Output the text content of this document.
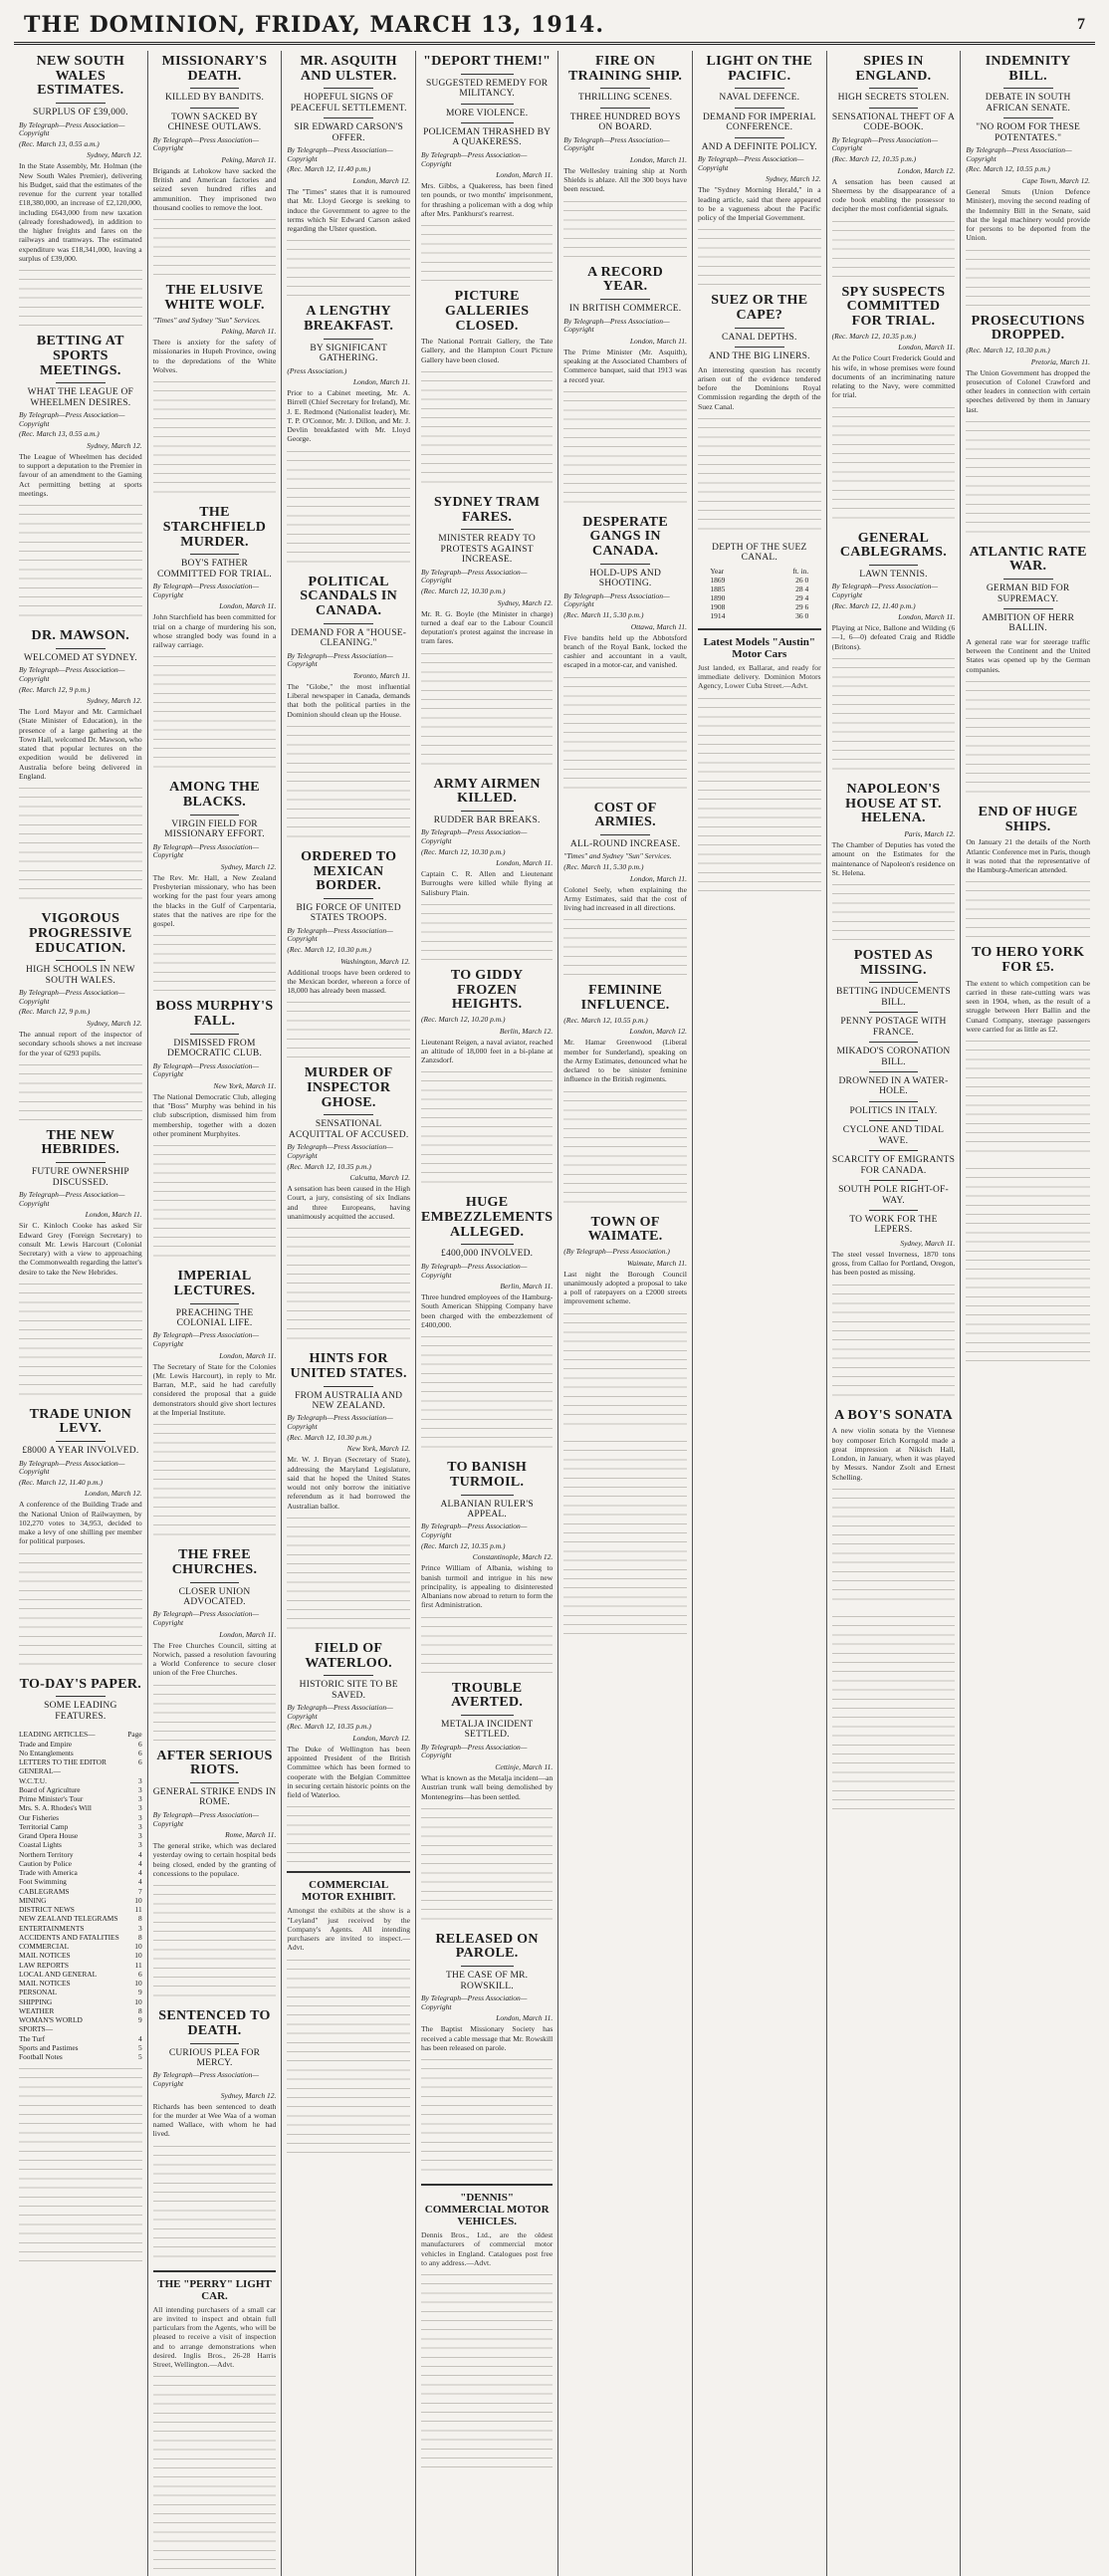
THE DOMINION, FRIDAY, MARCH 13, 1914.	7
NEW SOUTH WALES ESTIMATES.
SURPLUS OF £39,000.
By Telegraph—Press Association—Copyright
(Rec. March 13, 0.55 a.m.)
Sydney, March 12.
In the State Assembly, Mr. Holman (the New South Wales Premier), delivering his Budget, said that the estimates of the revenue for the current year totalled £18,380,000, an increase of £2,120,000, including £643,000 from new taxation (already foreshadowed), in addition to the higher freights and fares on the railways and tramways. The estimated expenditure was £18,341,000, leaving a surplus of £39,000.
BETTING AT SPORTS MEETINGS.
WHAT THE LEAGUE OF WHEELMEN DESIRES.
By Telegraph—Press Association—Copyright
(Rec. March 13, 0.55 a.m.)
Sydney, March 12.
The League of Wheelmen has decided to support a deputation to the Premier in favour of an amendment to the Gaming Act permitting betting at sports meetings.
DR. MAWSON.
WELCOMED AT SYDNEY.
By Telegraph—Press Association—Copyright
(Rec. March 12, 9 p.m.)
Sydney, March 12.
The Lord Mayor and Mr. Carmichael (State Minister of Education), in the presence of a large gathering at the Town Hall, welcomed Dr. Mawson, who stated that popular lectures on the expedition would be delivered in Australia before being delivered in England.
VIGOROUS PROGRESSIVE EDUCATION.
HIGH SCHOOLS IN NEW SOUTH WALES.
By Telegraph—Press Association—Copyright
(Rec. March 12, 9 p.m.)
Sydney, March 12.
The annual report of the inspector of secondary schools shows a net increase for the year of 6293 pupils.
THE NEW HEBRIDES.
FUTURE OWNERSHIP DISCUSSED.
By Telegraph—Press Association—Copyright
London, March 11.
Sir C. Kinloch Cooke has asked Sir Edward Grey (Foreign Secretary) to consult Mr. Lewis Harcourt (Colonial Secretary) with a view to approaching the Commonwealth regarding the latter's desire to take the New Hebrides.
TRADE UNION LEVY.
£8000 A YEAR INVOLVED.
By Telegraph—Press Association—Copyright
(Rec. March 12, 11.40 p.m.)
London, March 12.
A conference of the Building Trade and the National Union of Railwaymen, by 102,270 votes to 34,953, decided to make a levy of one shilling per member for political purposes.
TO-DAY'S PAPER.
SOME LEADING FEATURES.
LEADING ARTICLES—	Page
Trade and Empire	6
No Entanglements	6
LETTERS TO THE EDITOR	6
GENERAL—
W.C.T.U.	3
Board of Agriculture	3
Prime Minister's Tour	3
Mrs. S. A. Rhodes's Will	3
Our Fisheries	3
Territorial Camp	3
Grand Opera House	3
Coastal Lights	3
Northern Territory	4
Caution by Police	4
Trade with America	4
Foot Swimming	4
CABLEGRAMS	7
MINING	10
DISTRICT NEWS	11
NEW ZEALAND TELEGRAMS	8
ENTERTAINMENTS	3
ACCIDENTS AND FATALITIES	8
COMMERCIAL	10
MAIL NOTICES	10
LAW REPORTS	11
LOCAL AND GENERAL	6
MAIL NOTICES	10
PERSONAL	9
SHIPPING	10
WEATHER	8
WOMAN'S WORLD	9
SPORTS—
The Turf	4
Sports and Pastimes	5
Football Notes	5
MISSIONARY'S DEATH.
KILLED BY BANDITS.
TOWN SACKED BY CHINESE OUTLAWS.
By Telegraph—Press Association—Copyright
Peking, March 11.
Brigands at Lehokow have sacked the British and American factories and seized seven hundred rifles and ammunition. They imprisoned two thousand coolies to remove the loot.
THE ELUSIVE WHITE WOLF.
"Times" and Sydney "Sun" Services.
Peking, March 11.
There is anxiety for the safety of missionaries in Hupeh Province, owing to the depredations of the White Wolves.
THE STARCHFIELD MURDER.
BOY'S FATHER COMMITTED FOR TRIAL.
By Telegraph—Press Association—Copyright
London, March 11.
John Starchfield has been committed for trial on a charge of murdering his son, whose strangled body was found in a railway carriage.
AMONG THE BLACKS.
VIRGIN FIELD FOR MISSIONARY EFFORT.
By Telegraph—Press Association—Copyright
Sydney, March 12.
The Rev. Mr. Hall, a New Zealand Presbyterian missionary, who has been working for the past four years among the blacks in the Gulf of Carpentaria, states that the natives are ripe for the gospel.
BOSS MURPHY'S FALL.
DISMISSED FROM DEMOCRATIC CLUB.
By Telegraph—Press Association—Copyright
New York, March 11.
The National Democratic Club, alleging that "Boss" Murphy was behind in his club subscription, dismissed him from membership, together with a dozen other prominent Murphyites.
IMPERIAL LECTURES.
PREACHING THE COLONIAL LIFE.
By Telegraph—Press Association—Copyright
London, March 11.
The Secretary of State for the Colonies (Mr. Lewis Harcourt), in reply to Mr. Barran, M.P., said he had carefully considered the proposal that a guide demonstrators should give short lectures at the Imperial Institute.
THE FREE CHURCHES.
CLOSER UNION ADVOCATED.
By Telegraph—Press Association—Copyright
London, March 11.
The Free Churches Council, sitting at Norwich, passed a resolution favouring a World Conference to secure closer union of the Free Churches.
AFTER SERIOUS RIOTS.
GENERAL STRIKE ENDS IN ROME.
By Telegraph—Press Association—Copyright
Rome, March 11.
The general strike, which was declared yesterday owing to certain hospital beds being closed, ended by the granting of concessions to the populace.
SENTENCED TO DEATH.
CURIOUS PLEA FOR MERCY.
By Telegraph—Press Association—Copyright
Sydney, March 12.
Richards has been sentenced to death for the murder at Wee Waa of a woman named Wallace, with whom he had lived.
THE "PERRY" LIGHT CAR.
All intending purchasers of a small car are invited to inspect and obtain full particulars from the Agents, who will be pleased to receive a visit of inspection and to arrange demonstrations when desired. Inglis Bros., 26-28 Harris Street, Wellington.—Advt.
MR. ASQUITH AND ULSTER.
HOPEFUL SIGNS OF PEACEFUL SETTLEMENT.
SIR EDWARD CARSON'S OFFER.
By Telegraph—Press Association—Copyright
(Rec. March 12, 11.40 p.m.)
London, March 12.
The "Times" states that it is rumoured that Mr. Lloyd George is seeking to induce the Government to agree to the terms which Sir Edward Carson asked regarding the Ulster question.
A LENGTHY BREAKFAST.
BY SIGNIFICANT GATHERING.
(Press Association.)
London, March 11.
Prior to a Cabinet meeting, Mr. A. Birrell (Chief Secretary for Ireland), Mr. J. E. Redmond (Nationalist leader), Mr. T. P. O'Connor, Mr. J. Dillon, and Mr. J. Devlin breakfasted with Mr. Lloyd George.
POLITICAL SCANDALS IN CANADA.
DEMAND FOR A "HOUSE-CLEANING."
By Telegraph—Press Association—Copyright
Toronto, March 11.
The "Globe," the most influential Liberal newspaper in Canada, demands that both the political parties in the Dominion should clean up the House.
ORDERED TO MEXICAN BORDER.
BIG FORCE OF UNITED STATES TROOPS.
By Telegraph—Press Association—Copyright
(Rec. March 12, 10.30 p.m.)
Washington, March 12.
Additional troops have been ordered to the Mexican border, whereon a force of 18,000 has already been massed.
MURDER OF INSPECTOR GHOSE.
SENSATIONAL ACQUITTAL OF ACCUSED.
By Telegraph—Press Association—Copyright
(Rec. March 12, 10.35 p.m.)
Calcutta, March 12.
A sensation has been caused in the High Court, a jury, consisting of six Indians and three Europeans, having unanimously acquitted the accused.
HINTS FOR UNITED STATES.
FROM AUSTRALIA AND NEW ZEALAND.
By Telegraph—Press Association—Copyright
(Rec. March 12, 10.30 p.m.)
New York, March 12.
Mr. W. J. Bryan (Secretary of State), addressing the Maryland Legislature, said that he hoped the United States would not only borrow the initiative referendum as it had borrowed the Australian ballot.
FIELD OF WATERLOO.
HISTORIC SITE TO BE SAVED.
By Telegraph—Press Association—Copyright
(Rec. March 12, 10.35 p.m.)
London, March 12.
The Duke of Wellington has been appointed President of the British Committee which has been formed to cooperate with the Belgian Committee in securing certain historic points on the field of Waterloo.
COMMERCIAL MOTOR EXHIBIT.
Amongst the exhibits at the show is a "Leyland" just received by the Company's Agents. All intending purchasers are invited to inspect.—Advt.
"DEPORT THEM!"
SUGGESTED REMEDY FOR MILITANCY.
MORE VIOLENCE.
POLICEMAN THRASHED BY A QUAKERESS.
By Telegraph—Press Association—Copyright
London, March 11.
Mrs. Gibbs, a Quakeress, has been fined ten pounds, or two months' imprisonment, for thrashing a policeman with a dog whip after Mrs. Pankhurst's rearrest.
PICTURE GALLERIES CLOSED.
The National Portrait Gallery, the Tate Gallery, and the Hampton Court Picture Gallery have been closed.
SYDNEY TRAM FARES.
MINISTER READY TO PROTESTS AGAINST INCREASE.
By Telegraph—Press Association—Copyright
(Rec. March 12, 10.30 p.m.)
Sydney, March 12.
Mr. R. G. Boyle (the Minister in charge) turned a deaf ear to the Labour Council deputation's protest against the increase in tram fares.
ARMY AIRMEN KILLED.
RUDDER BAR BREAKS.
By Telegraph—Press Association—Copyright
(Rec. March 12, 10.30 p.m.)
London, March 11.
Captain C. R. Allen and Lieutenant Burroughs were killed while flying at Salisbury Plain.
TO GIDDY FROZEN HEIGHTS.
(Rec. March 12, 10.20 p.m.)
Berlin, March 12.
Lieutenant Reigen, a naval aviator, reached an altitude of 18,000 feet in a bi-plane at Zanzsdorf.
HUGE EMBEZZLEMENTS ALLEGED.
£400,000 INVOLVED.
By Telegraph—Press Association—Copyright
Berlin, March 11.
Three hundred employees of the Hamburg-South American Shipping Company have been charged with the embezzlement of £400,000.
TO BANISH TURMOIL.
ALBANIAN RULER'S APPEAL.
By Telegraph—Press Association—Copyright
(Rec. March 12, 10.35 p.m.)
Constantinople, March 12.
Prince William of Albania, wishing to banish turmoil and intrigue in his new principality, is appealing to disinterested Albanians now abroad to return to form the first Administration.
TROUBLE AVERTED.
METALJA INCIDENT SETTLED.
By Telegraph—Press Association—Copyright
Cettinje, March 11.
What is known as the Metalja incident—an Austrian trunk wall being demolished by Montenegrins—has been settled.
RELEASED ON PAROLE.
THE CASE OF MR. ROWSKILL.
By Telegraph—Press Association—Copyright
London, March 11.
The Baptist Missionary Society has received a cable message that Mr. Rowskill has been released on parole.
"DENNIS" COMMERCIAL MOTOR VEHICLES.
Dennis Bros., Ltd., are the oldest manufacturers of commercial motor vehicles in England. Catalogues post free to any address.—Advt.
FIRE ON TRAINING SHIP.
THRILLING SCENES.
THREE HUNDRED BOYS ON BOARD.
By Telegraph—Press Association—Copyright
London, March 11.
The Wellesley training ship at North Shields is ablaze. All the 300 boys have been rescued.
A RECORD YEAR.
IN BRITISH COMMERCE.
By Telegraph—Press Association—Copyright
London, March 11.
The Prime Minister (Mr. Asquith), speaking at the Associated Chambers of Commerce banquet, said that 1913 was a record year.
DESPERATE GANGS IN CANADA.
HOLD-UPS AND SHOOTING.
By Telegraph—Press Association—Copyright
(Rec. March 11, 5.30 p.m.)
Ottawa, March 11.
Five bandits held up the Abbotsford branch of the Royal Bank, locked the cashier and accountant in a vault, escaped in a motor-car, and vanished.
COST OF ARMIES.
ALL-ROUND INCREASE.
"Times" and Sydney "Sun" Services.
(Rec. March 11, 5.30 p.m.)
London, March 11.
Colonel Seely, when explaining the Army Estimates, said that the cost of living had increased in all directions.
FEMININE INFLUENCE.
(Rec. March 12, 10.55 p.m.)
London, March 12.
Mr. Hamar Greenwood (Liberal member for Sunderland), speaking on the Army Estimates, denounced what he declared to be sinister feminine influence in the British regiments.
TOWN OF WAIMATE.
(By Telegraph—Press Association.)
Waimate, March 11.
Last night the Borough Council unanimously adopted a proposal to take a poll of ratepayers on a £2000 streets improvement scheme.
LIGHT ON THE PACIFIC.
NAVAL DEFENCE.
DEMAND FOR IMPERIAL CONFERENCE.
AND A DEFINITE POLICY.
By Telegraph—Press Association—Copyright
Sydney, March 12.
The "Sydney Morning Herald," in a leading article, said that there appeared to be a vagueness about the Pacific policy of the Imperial Government.
SUEZ OR THE CAPE?
CANAL DEPTHS.
AND THE BIG LINERS.
An interesting question has recently arisen out of the evidence tendered before the Dominions Royal Commission regarding the depth of the Suez Canal.
DEPTH OF THE SUEZ CANAL.
Year	ft. in.
1869	26 0
1885	28 4
1890	29 4
1908	29 6
1914	36 0
Latest Models "Austin" Motor Cars
Just landed, ex Ballarat, and ready for immediate delivery. Dominion Motors Agency, Lower Cuba Street.—Advt.
SPIES IN ENGLAND.
HIGH SECRETS STOLEN.
SENSATIONAL THEFT OF A CODE-BOOK.
By Telegraph—Press Association—Copyright
(Rec. March 12, 10.35 p.m.)
London, March 12.
A sensation has been caused at Sheerness by the disappearance of a code book enabling the possessor to decipher the most confidential signals.
SPY SUSPECTS COMMITTED FOR TRIAL.
(Rec. March 12, 10.35 p.m.)
London, March 11.
At the Police Court Frederick Gould and his wife, in whose premises were found documents of an incriminating nature relating to the Navy, were committed for trial.
GENERAL CABLEGRAMS.
LAWN TENNIS.
By Telegraph—Press Association—Copyright
(Rec. March 12, 11.40 p.m.)
London, March 11.
Playing at Nice, Ballone and Wilding (6—1, 6—0) defeated Craig and Riddle (Britons).
NAPOLEON'S HOUSE AT ST. HELENA.
Paris, March 12.
The Chamber of Deputies has voted the amount on the Estimates for the maintenance of Napoleon's residence on St. Helena.
POSTED AS MISSING.
BETTING INDUCEMENTS BILL.
PENNY POSTAGE WITH FRANCE.
MIKADO'S CORONATION BILL.
DROWNED IN A WATER-HOLE.
POLITICS IN ITALY.
CYCLONE AND TIDAL WAVE.
SCARCITY OF EMIGRANTS FOR CANADA.
SOUTH POLE RIGHT-OF-WAY.
TO WORK FOR THE LEPERS.
Sydney, March 11.
The steel vessel Inverness, 1870 tons gross, from Callao for Portland, Oregon, has been posted as missing.
A BOY'S SONATA
A new violin sonata by the Viennese boy composer Erich Korngold made a great impression at Nikisch Hall, London, in January, when it was played by Messrs. Nandor Zsolt and Ernest Schelling.
INDEMNITY BILL.
DEBATE IN SOUTH AFRICAN SENATE.
"NO ROOM FOR THESE POTENTATES."
By Telegraph—Press Association—Copyright
(Rec. March 12, 10.55 p.m.)
Cape Town, March 12.
General Smuts (Union Defence Minister), moving the second reading of the Indemnity Bill in the Senate, said that the legal machinery would provide for persons to be deported from the Union.
PROSECUTIONS DROPPED.
(Rec. March 12, 10.30 p.m.)
Pretoria, March 11.
The Union Government has dropped the prosecution of Colonel Crawford and other leaders in connection with certain speeches delivered by them in January last.
ATLANTIC RATE WAR.
GERMAN BID FOR SUPREMACY.
AMBITION OF HERR BALLIN.
A general rate war for steerage traffic between the Continent and the United States was opened up by the German companies.
END OF HUGE SHIPS.
On January 21 the details of the North Atlantic Conference met in Paris, though it was noted that the representative of the Hamburg-American attended.
TO HERO YORK FOR £5.
The extent to which competition can be carried in these rate-cutting wars was seen in 1904, when, as the result of a struggle between Herr Ballin and the Cunard Company, steerage passengers were carried for as little as £2.
